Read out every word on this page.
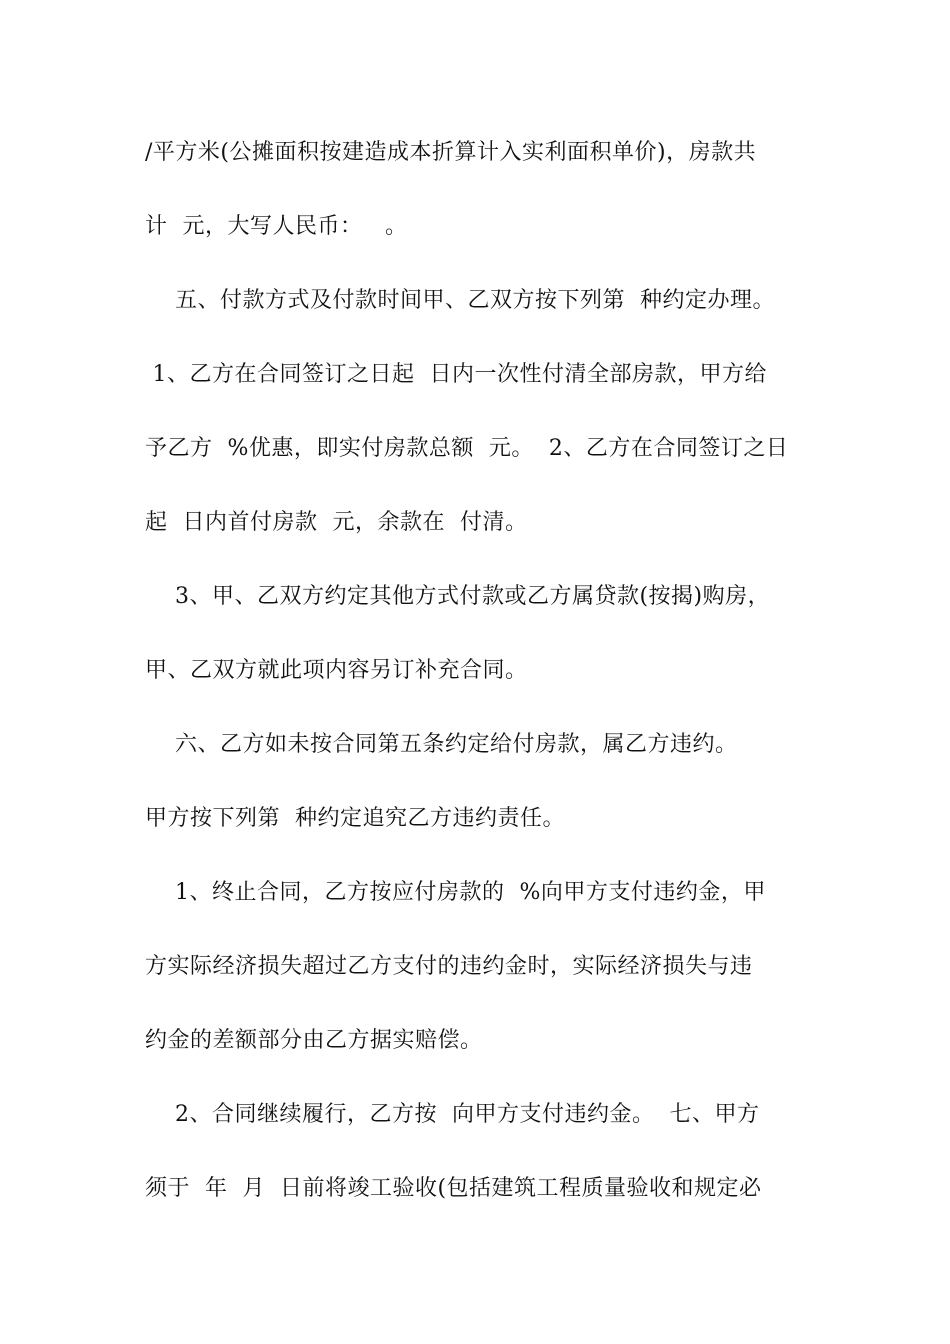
/平方米(公摊面积按建造成本折算计入实利面积单价)，房款共

计  元，大写人民币：   。

五、付款方式及付款时间甲、乙双方按下列第  种约定办理。

1、乙方在合同签订之日起  日内一次性付清全部房款，甲方给

予乙方  %优惠，即实付房款总额  元。  2、乙方在合同签订之日

起  日内首付房款  元，余款在  付清。

3、甲、乙双方约定其他方式付款或乙方属贷款(按揭)购房，

甲、乙双方就此项内容另订补充合同。

六、乙方如未按合同第五条约定给付房款，属乙方违约。

甲方按下列第  种约定追究乙方违约责任。

1、终止合同，乙方按应付房款的  %向甲方支付违约金，甲

方实际经济损失超过乙方支付的违约金时，实际经济损失与违

约金的差额部分由乙方据实赔偿。

2、合同继续履行，乙方按  向甲方支付违约金。  七、甲方

须于  年  月  日前将竣工验收(包括建筑工程质量验收和规定必
